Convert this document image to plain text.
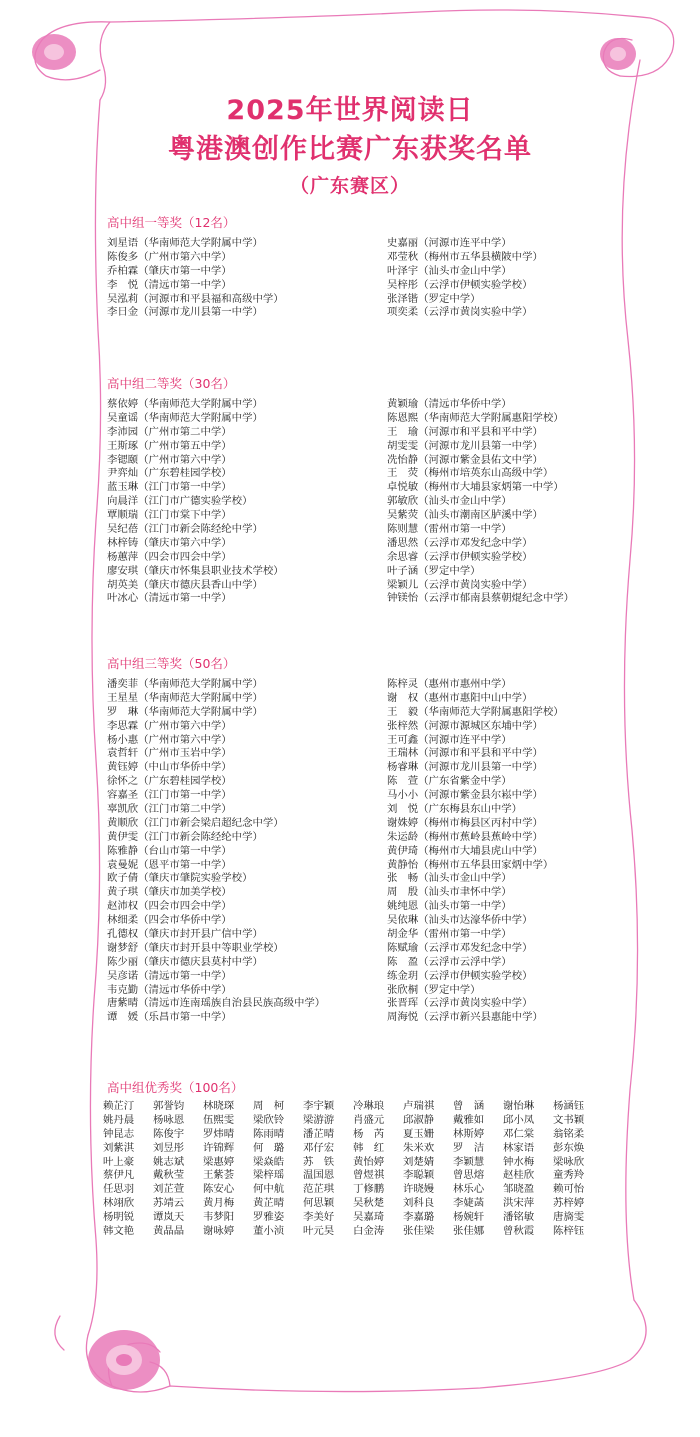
2025年世界阅读日
粤港澳创作比赛广东获奖名单
（广东赛区）
高中组一等奖（12名）
刘星语（华南师范大学附属中学）
陈俊多（广州市第六中学）
乔柏霖（肇庆市第一中学）
李　悦（清远市第一中学）
吴泓莉（河源市和平县福和高级中学）
李日金（河源市龙川县第一中学）
史嘉丽（河源市连平中学）
邓莹秋（梅州市五华县横陂中学）
叶泽宇（汕头市金山中学）
吴梓彤（云浮市伊顿实验学校）
张泽锴（罗定中学）
项奕柔（云浮市黄岗实验中学）
高中组二等奖（30名）
蔡依婷（华南师范大学附属中学）
吴童谣（华南师范大学附属中学）
李沛园（广州市第二中学）
王斯琢（广州市第五中学）
李锶颐（广州市第六中学）
尹弈灿（广东碧桂园学校）
蓝玉琳（江门市第一中学）
向晨洋（江门市广德实验学校）
覃顺瑞（江门市棠下中学）
吴纪蓓（江门市新会陈经纶中学）
林梓铸（肇庆市第六中学）
杨蕙萍（四会市四会中学）
廖安琪（肇庆市怀集县职业技术学校）
胡英美（肇庆市德庆县香山中学）
叶冰心（清远市第一中学）
黄颖瑜（清远市华侨中学）
陈恩熙（华南师范大学附属惠阳学校）
王　瑜（河源市和平县和平中学）
胡雯雯（河源市龙川县第一中学）
冼怡静（河源市紫金县佑文中学）
王　荧（梅州市培英东山高级中学）
卓悦敏（梅州市大埔县家炳第一中学）
郭敏欣（汕头市金山中学）
吴紫荧（汕头市潮南区胪溪中学）
陈则慧（雷州市第一中学）
潘思然（云浮市邓发纪念中学）
余思睿（云浮市伊顿实验学校）
叶子涵（罗定中学）
梁颖儿（云浮市黄岗实验中学）
钟镁怡（云浮市郁南县蔡朝焜纪念中学）
高中组三等奖（50名）
潘奕菲（华南师范大学附属中学）
王星星（华南师范大学附属中学）
罗　琳（华南师范大学附属中学）
李思霖（广州市第六中学）
杨小惠（广州市第六中学）
袁哲轩（广州市玉岩中学）
黄钰婷（中山市华侨中学）
徐怀之（广东碧桂园学校）
容嘉圣（江门市第一中学）
辜凯欣（江门市第二中学）
黄顺欣（江门市新会梁启超纪念中学）
黄伊雯（江门市新会陈经纶中学）
陈雅静（台山市第一中学）
袁曼妮（恩平市第一中学）
欧子倩（肇庆市肇院实验学校）
黄子琪（肇庆市加美学校）
赵沛权（四会市四会中学）
林细柔（四会市华侨中学）
孔德权（肇庆市封开县广信中学）
谢梦舒（肇庆市封开县中等职业学校）
陈少丽（肇庆市德庆县莫村中学）
吴彦诺（清远市第一中学）
韦克勤（清远市华侨中学）
唐紫晴（清远市连南瑶族自治县民族高级中学）
谭　媛（乐昌市第一中学）
陈梓灵（惠州市惠州中学）
谢　权（惠州市惠阳中山中学）
王　毅（华南师范大学附属惠阳学校）
张梓然（河源市源城区东埔中学）
王可鑫（河源市连平中学）
王瑞林（河源市和平县和平中学）
杨睿琳（河源市龙川县第一中学）
陈　萱（广东省紫金中学）
马小小（河源市紫金县尔崧中学）
刘　悦（广东梅县东山中学）
谢姝婷（梅州市梅县区丙村中学）
朱运龄（梅州市蕉岭县蕉岭中学）
黄伊琦（梅州市大埔县虎山中学）
黄静怡（梅州市五华县田家炳中学）
张　畅（汕头市金山中学）
周　殷（汕头市聿怀中学）
姚纯恩（汕头市第一中学）
吴依琳（汕头市达濠华侨中学）
胡金华（雷州市第一中学）
陈赋瑜（云浮市邓发纪念中学）
陈　盈（云浮市云浮中学）
练金玥（云浮市伊顿实验学校）
张欣桐（罗定中学）
张晋珲（云浮市黄岗实验中学）
周海悦（云浮市新兴县惠能中学）
高中组优秀奖（100名）
赖芷汀	郭誉钧	林晓琛	周　柯	李宇颖	冷琳琅	卢瑞祺	曾　涵	谢怡琳	杨涵钰
姚丹晨	杨咏恩	伍熙雯	梁欣铃	梁游游	肖盛元	邱淑静	戴雅如	邱小凤	文书颖
钟昆志	陈俊宇	罗炜晴	陈雨晴	潘芷晴	杨　芮	夏玉姗	林斯婷	邓仁棠	翁铭柔
刘紫淇	刘昱彤	许锦辉	何　璐	邓仔宏	韩　红	朱米欢	罗　洁	林家语	彭东焕
叶上豪	姚志斌	梁惠婷	梁焱皓	苏　铁	黄怡婷	刘楚婧	李颖慧	钟水梅	梁咏欣
蔡伊凡	戴秋莹	王紫荟	梁梓瑶	温国恩	曾煜祺	李聪颖	曾思熔	赵桂欣	童秀羚
任思羽	刘芷萱	陈安心	何中航	范芷琪	丁修鹏	许晓嫚	林乐心	邹晓盈	赖可怡
林翊欣	苏靖云	黄月梅	黄芷晴	何思颖	吴秋楚	刘科良	李婕菡	洪宋萍	苏梓婷
杨明锐	谭岚天	韦梦阳	罗雅姿	李美好	吴嘉琦	李嘉璐	杨婉轩	潘铭敏	唐旖雯
韩文艳	黄晶晶	谢咏婷	董小浈	叶元昊	白金涛	张佳梁	张佳娜	曾秋霞	陈梓钰
